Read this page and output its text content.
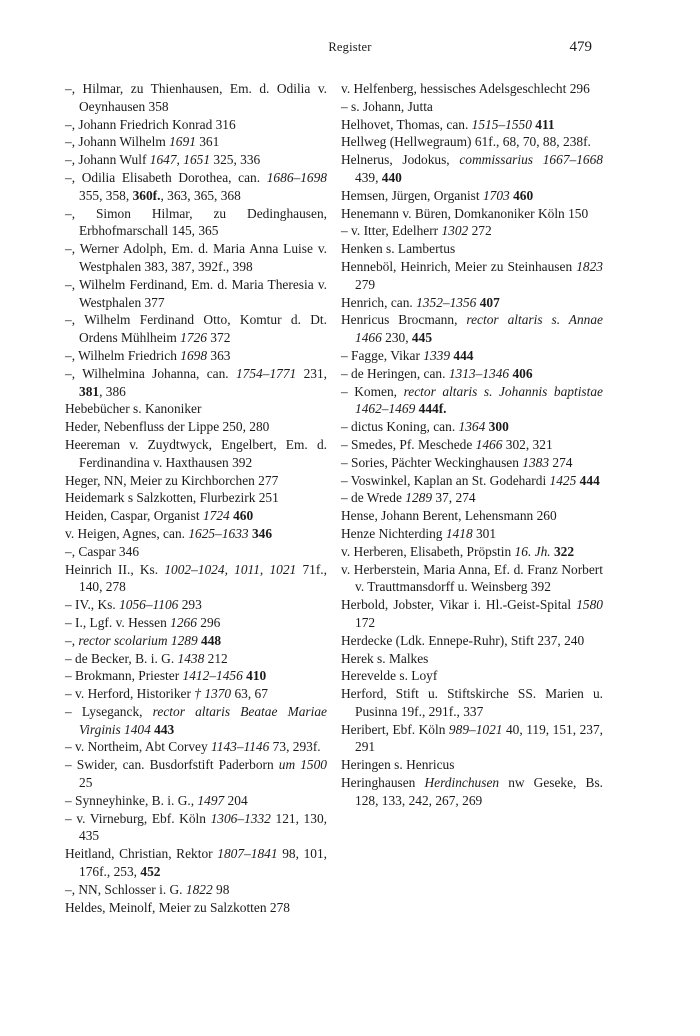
Register	479
–, Hilmar, zu Thienhausen, Em. d. Odilia v. Oeynhausen 358
–, Johann Friedrich Konrad 316
–, Johann Wilhelm 1691 361
–, Johann Wulf 1647, 1651 325, 336
–, Odilia Elisabeth Dorothea, can. 1686–1698 355, 358, 360f., 363, 365, 368
–, Simon Hilmar, zu Dedinghausen, Erbhofmarschall 145, 365
–, Werner Adolph, Em. d. Maria Anna Luise v. Westphalen 383, 387, 392f., 398
–, Wilhelm Ferdinand, Em. d. Maria Theresia v. Westphalen 377
–, Wilhelm Ferdinand Otto, Komtur d. Dt. Ordens Mühlheim 1726 372
–, Wilhelm Friedrich 1698 363
–, Wilhelmina Johanna, can. 1754–1771 231, 381, 386
Hebebücher s. Kanoniker
Heder, Nebenfluss der Lippe 250, 280
Heereman v. Zuydtwyck, Engelbert, Em. d. Ferdinandina v. Haxthausen 392
Heger, NN, Meier zu Kirchborchen 277
Heidemark s Salzkotten, Flurbezirk 251
Heiden, Caspar, Organist 1724 460
v. Heigen, Agnes, can. 1625–1633 346
–, Caspar 346
Heinrich II., Ks. 1002–1024, 1011, 1021 71f., 140, 278
– IV., Ks. 1056–1106 293
– I., Lgf. v. Hessen 1266 296
–, rector scolarium 1289 448
– de Becker, B. i. G. 1438 212
– Brokmann, Priester 1412–1456 410
– v. Herford, Historiker † 1370 63, 67
– Lyseganck, rector altaris Beatae Mariae Virginis 1404 443
– v. Northeim, Abt Corvey 1143–1146 73, 293f.
– Swider, can. Busdorfstift Paderborn um 1500 25
– Synneyhinke, B. i. G., 1497 204
– v. Virneburg, Ebf. Köln 1306–1332 121, 130, 435
Heitland, Christian, Rektor 1807–1841 98, 101, 176f., 253, 452
–, NN, Schlosser i. G. 1822 98
Heldes, Meinolf, Meier zu Salzkotten 278
v. Helfenberg, hessisches Adelsgeschlecht 296
– s. Johann, Jutta
Helhovet, Thomas, can. 1515–1550 411
Hellweg (Hellwegraum) 61f., 68, 70, 88, 238f.
Helnerus, Jodokus, commissarius 1667–1668 439, 440
Hemsen, Jürgen, Organist 1703 460
Henemann v. Büren, Domkanoniker Köln 150
– v. Itter, Edelherr 1302 272
Henken s. Lambertus
Henneböl, Heinrich, Meier zu Steinhausen 1823 279
Henrich, can. 1352–1356 407
Henricus Brocmann, rector altaris s. Annae 1466 230, 445
– Fagge, Vikar 1339 444
– de Heringen, can. 1313–1346 406
– Komen, rector altaris s. Johannis baptistae 1462–1469 444f.
– dictus Koning, can. 1364 300
– Smedes, Pf. Meschede 1466 302, 321
– Sories, Pächter Weckinghausen 1383 274
– Voswinkel, Kaplan an St. Godehardi 1425 444
– de Wrede 1289 37, 274
Hense, Johann Berent, Lehensmann 260
Henze Nichterding 1418 301
v. Herberen, Elisabeth, Pröpstin 16. Jh. 322
v. Herberstein, Maria Anna, Ef. d. Franz Norbert v. Trauttmansdorff u. Weinsberg 392
Herbold, Jobster, Vikar i. Hl.-Geist-Spital 1580 172
Herdecke (Ldk. Ennepe-Ruhr), Stift 237, 240
Herek s. Malkes
Herevelde s. Loyf
Herford, Stift u. Stiftskirche SS. Marien u. Pusinna 19f., 291f., 337
Heribert, Ebf. Köln 989–1021 40, 119, 151, 237, 291
Heringen s. Henricus
Heringhausen Herdinchusen nw Geseke, Bs. 128, 133, 242, 267, 269
